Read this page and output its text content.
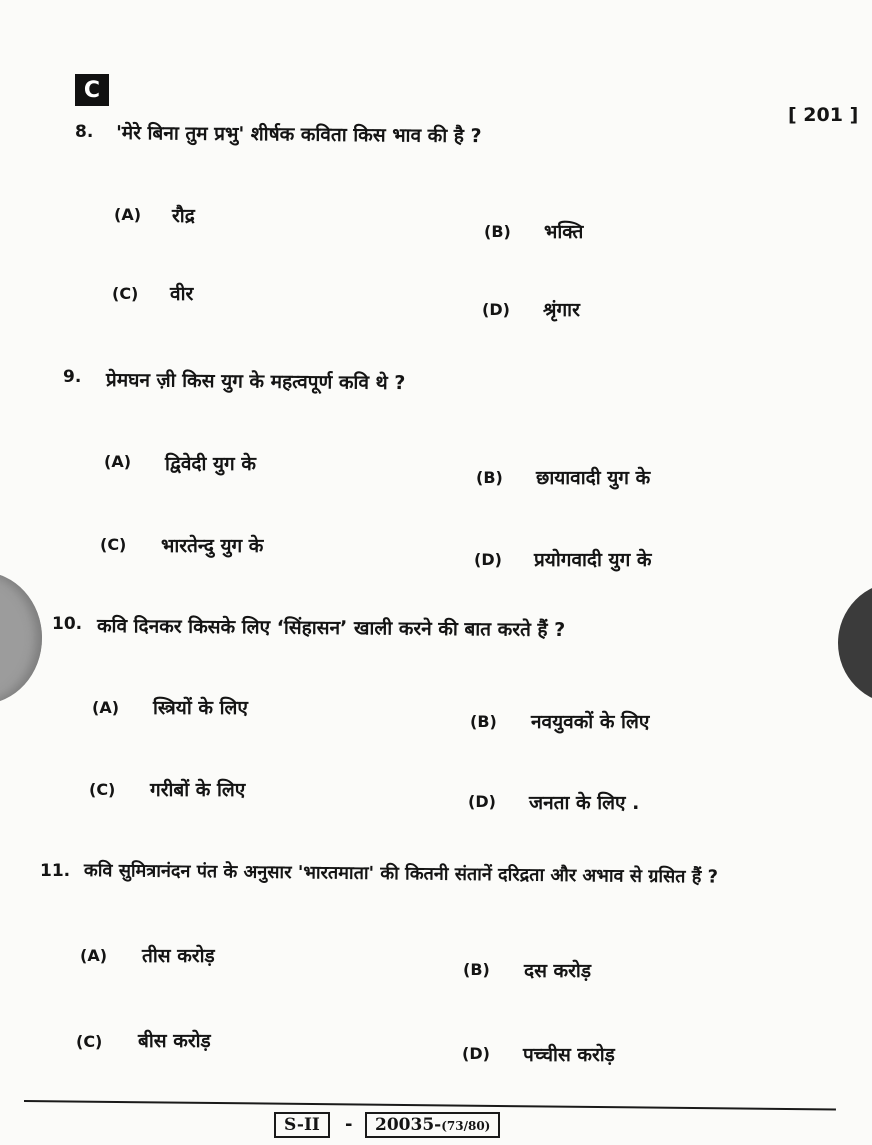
C
[ 201 ]
8. 'मेरे बिना तुम प्रभु' शीर्षक कविता किस भाव की है ?
(A) रौद्र
(B) भक्ति
(C) वीर
(D) श्रृंगार
9. प्रेमघन ज़ी किस युग के महत्वपूर्ण कवि थे ?
(A) द्विवेदी युग के
(B) छायावादी युग के
(C) भारतेन्दु युग के
(D) प्रयोगवादी युग के
10. कवि दिनकर किसके लिए ‘सिंहासन’ खाली करने की बात करते हैं ?
(A) स्त्रियों के लिए
(B) नवयुवकों के लिए
(C) गरीबों के लिए
(D) जनता के लिए .
11. कवि सुमित्रानंदन पंत के अनुसार 'भारतमाता' की कितनी संतानें दरिद्रता और अभाव से ग्रसित हैं ?
(A) तीस करोड़
(B) दस करोड़
(C) बीस करोड़
(D) पच्चीस करोड़
S-II	-	20035-(73/80)
